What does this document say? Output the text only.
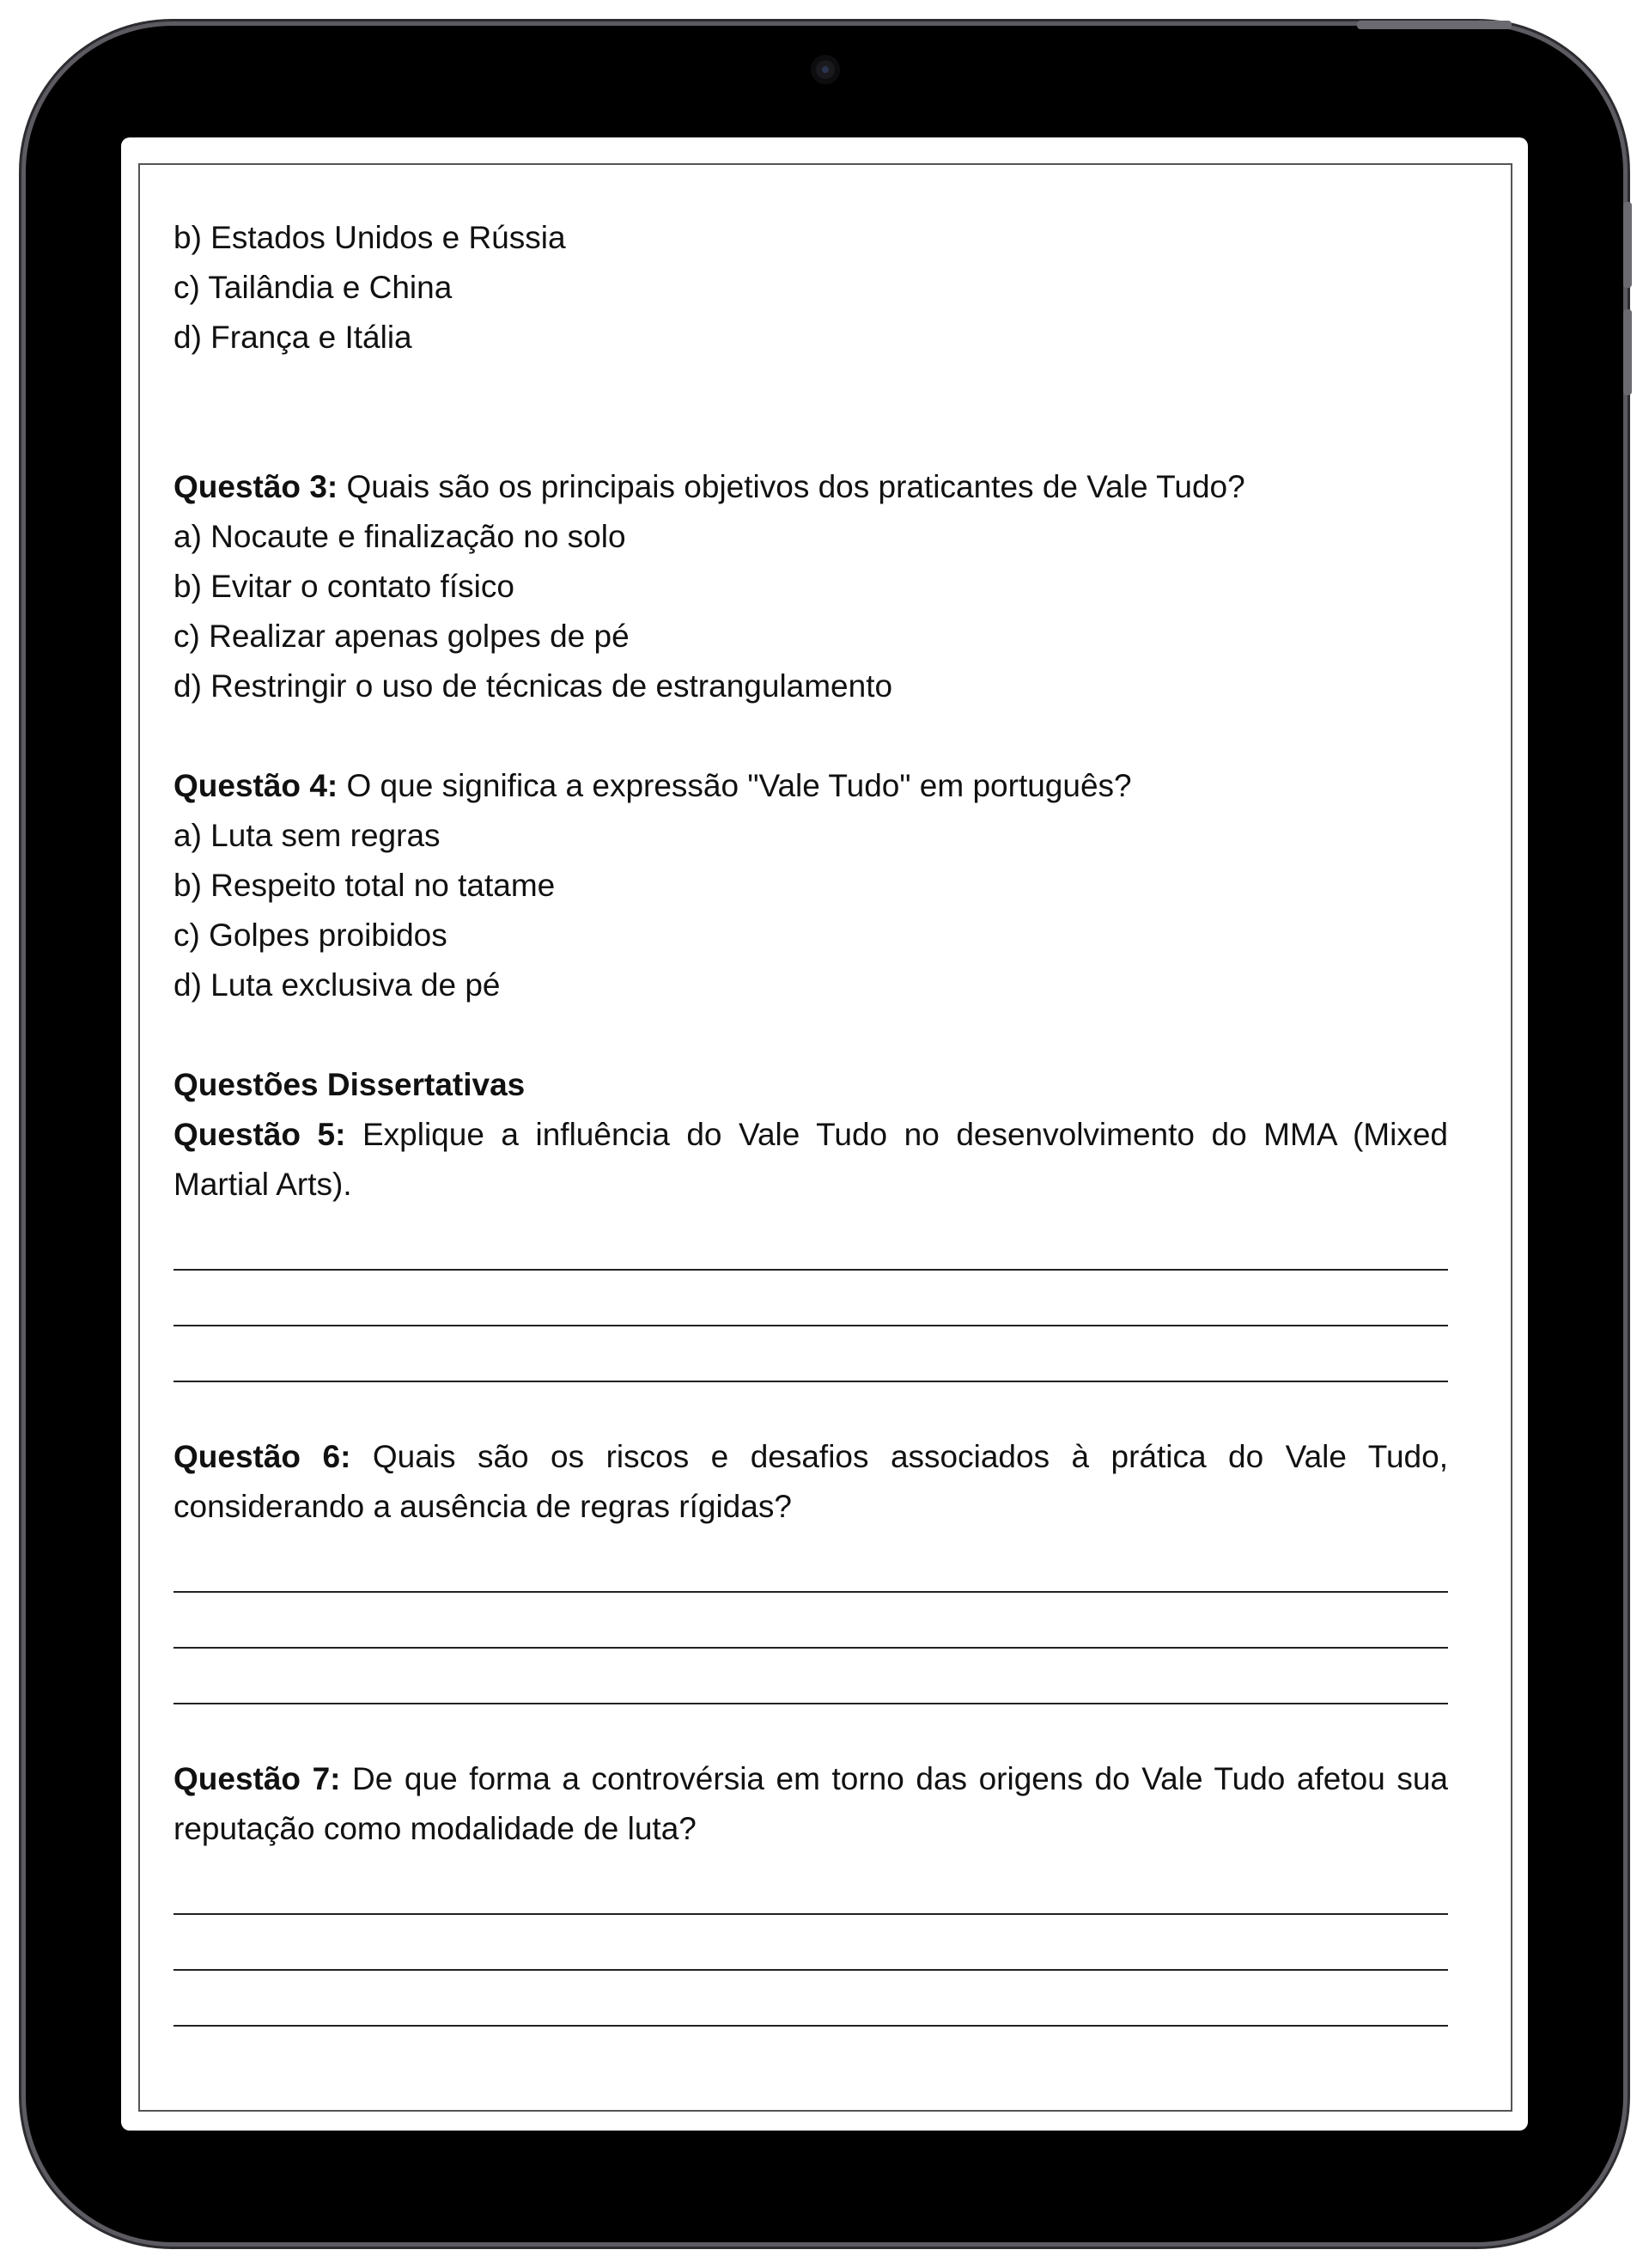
b) Estados Unidos e Rússia
c) Tailândia e China
d) França e Itália
Questão 3: Quais são os principais objetivos dos praticantes de Vale Tudo?
a) Nocaute e finalização no solo
b) Evitar o contato físico
c) Realizar apenas golpes de pé
d) Restringir o uso de técnicas de estrangulamento
Questão 4: O que significa a expressão "Vale Tudo" em português?
a) Luta sem regras
b) Respeito total no tatame
c) Golpes proibidos
d) Luta exclusiva de pé
Questões Dissertativas
Questão 5: Explique a influência do Vale Tudo no desenvolvimento do MMA (Mixed Martial Arts).
Questão 6: Quais são os riscos e desafios associados à prática do Vale Tudo, considerando a ausência de regras rígidas?
Questão 7: De que forma a controvérsia em torno das origens do Vale Tudo afetou sua reputação como modalidade de luta?
